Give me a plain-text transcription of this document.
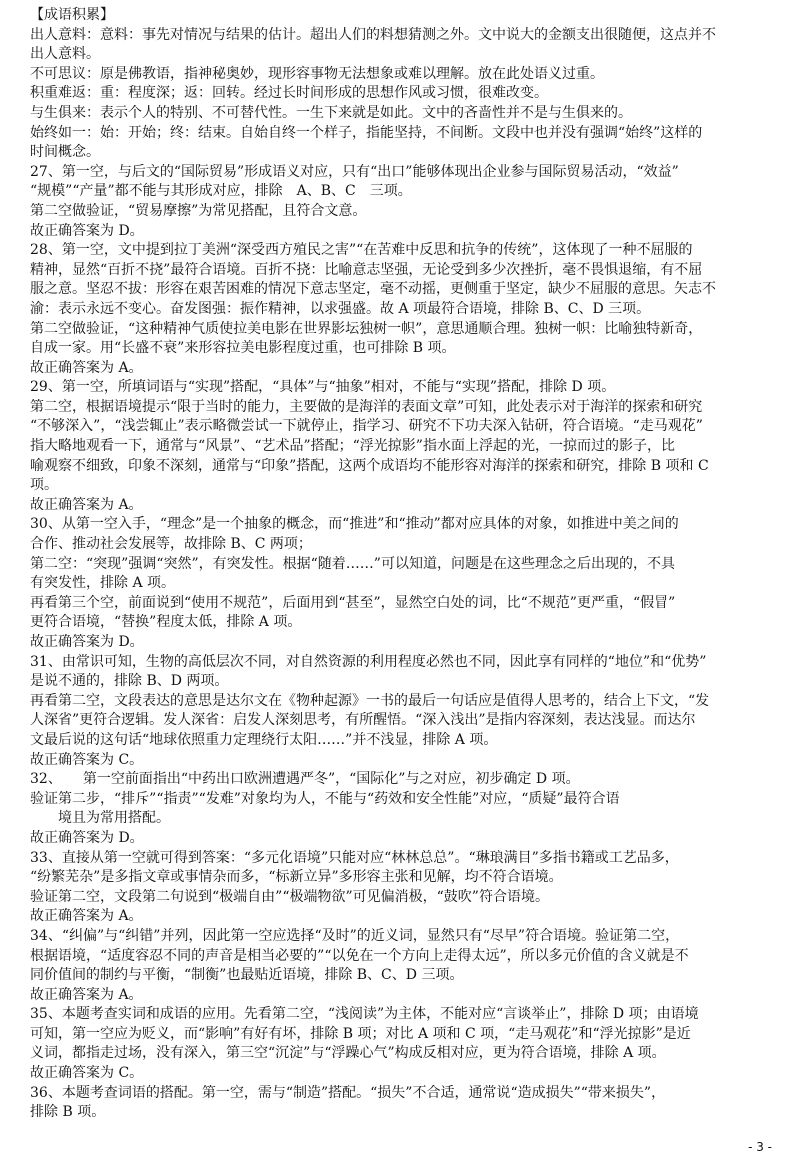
【成语积累】
出人意料：意料：事先对情况与结果的估计。超出人们的料想猜测之外。文中说大的金额支出很随便，这点并不
出人意料。
不可思议：原是佛教语，指神秘奥妙，现形容事物无法想象或难以理解。放在此处语义过重。
积重难返：重：程度深；返：回转。经过长时间形成的思想作风或习惯，很难改变。
与生俱来：表示个人的特别、不可替代性。一生下来就是如此。文中的吝啬性并不是与生俱来的。
始终如一：始：开始；终：结束。自始自终一个样子，指能坚持，不间断。文段中也并没有强调“始终”这样的
时间概念。
27、第一空，与后文的“国际贸易”形成语义对应，只有“出口”能够体现出企业参与国际贸易活动，“效益”
“规模”“产量”都不能与其形成对应，排除　A、B、C　三项。
第二空做验证，“贸易摩擦”为常见搭配，且符合文意。
故正确答案为 D。
28、第一空，文中提到拉丁美洲“深受西方殖民之害”“在苦难中反思和抗争的传统”，这体现了一种不屈服的
精神，显然“百折不挠”最符合语境。百折不挠：比喻意志坚强，无论受到多少次挫折，毫不畏惧退缩，有不屈
服之意。坚忍不拔：形容在艰苦困难的情况下意志坚定，毫不动摇，更侧重于坚定，缺少不屈服的意思。矢志不
渝：表示永远不变心。奋发图强：振作精神，以求强盛。故 A 项最符合语境，排除 B、C、D 三项。
第二空做验证，“这种精神气质使拉美电影在世界影坛独树一帜”，意思通顺合理。独树一帜：比喻独特新奇，
自成一家。用“长盛不衰”来形容拉美电影程度过重，也可排除 B 项。
故正确答案为 A。
29、第一空，所填词语与“实现”搭配，“具体”与“抽象”相对，不能与“实现”搭配，排除 D 项。
第二空，根据语境提示“限于当时的能力，主要做的是海洋的表面文章”可知，此处表示对于海洋的探索和研究
“不够深入”，“浅尝辄止”表示略微尝试一下就停止，指学习、研究不下功夫深入钻研，符合语境。“走马观花”
指大略地观看一下，通常与“风景”、“艺术品”搭配；“浮光掠影”指水面上浮起的光，一掠而过的影子，比
喻观察不细致，印象不深刻，通常与“印象”搭配，这两个成语均不能形容对海洋的探索和研究，排除 B 项和 C
项。
故正确答案为 A。
30、从第一空入手，“理念”是一个抽象的概念，而“推进”和“推动”都对应具体的对象，如推进中美之间的
合作、推动社会发展等，故排除 B、C 两项；
第二空：“突现”强调“突然”，有突发性。根据“随着……”可以知道，问题是在这些理念之后出现的，不具
有突发性，排除 A 项。
再看第三个空，前面说到“使用不规范”，后面用到“甚至”，显然空白处的词，比“不规范”更严重，“假冒”
更符合语境，“替换”程度太低，排除 A 项。
故正确答案为 D。
31、由常识可知，生物的高低层次不同，对自然资源的利用程度必然也不同，因此享有同样的“地位”和“优势”
是说不通的，排除 B、D 两项。
再看第二空，文段表达的意思是达尔文在《物种起源》一书的最后一句话应是值得人思考的，结合上下文，“发
人深省”更符合逻辑。发人深省：启发人深刻思考，有所醒悟。“深入浅出”是指内容深刻，表达浅显。而达尔
文最后说的这句话“地球依照重力定理绕行太阳……”并不浅显，排除 A 项。
故正确答案为 C。
32、　　第一空前面指出“中药出口欧洲遭遇严冬”，“国际化”与之对应，初步确定 D 项。
验证第二步，“排斥”“指责”“发难”对象均为人，不能与“药效和安全性能”对应，“质疑”最符合语
境且为常用搭配。
故正确答案为 D。
33、直接从第一空就可得到答案：“多元化语境”只能对应“林林总总”。“琳琅满目”多指书籍或工艺品多，
“纷繁芜杂”是多指文章或事情杂而多，“标新立异”多形容主张和见解，均不符合语境。
验证第二空，文段第二句说到“极端自由”“极端物欲”可见偏消极，“鼓吹”符合语境。
故正确答案为 A。
34、“纠偏”与“纠错”并列，因此第一空应选择“及时”的近义词，显然只有“尽早”符合语境。验证第二空，
根据语境，“适度容忍不同的声音是相当必要的”“以免在一个方向上走得太远”，所以多元价值的含义就是不
同价值间的制约与平衡，“制衡”也最贴近语境，排除 B、C、D 三项。
故正确答案为 A。
35、本题考查实词和成语的应用。先看第二空，“浅阅读”为主体，不能对应“言谈举止”，排除 D 项；由语境
可知，第一空应为贬义，而“影响”有好有坏，排除 B 项；对比 A 项和 C 项，“走马观花”和“浮光掠影”是近
义词，都指走过场，没有深入，第三空“沉淀”与“浮躁心气”构成反相对应，更为符合语境，排除 A 项。
故正确答案为 C。
36、本题考查词语的搭配。第一空，需与“制造”搭配。“损失”不合适，通常说“造成损失”“带来损失”，
排除 B 项。
- 3 -
